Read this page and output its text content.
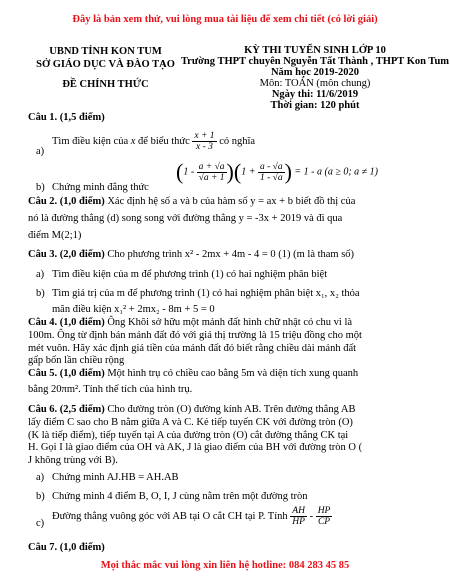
Đây là bản xem thử, vui lòng mua tài liệu để xem chi tiết (có lời giải)
UBND TỈNH KON TUM
SỞ GIÁO DỤC VÀ ĐÀO TẠO
ĐỀ CHÍNH THỨC
KỲ THI TUYỂN SINH LỚP 10
Trường THPT chuyên Nguyễn Tất Thành , THPT Kon Tum
Năm học 2019-2020
Môn: TOÁN (môn chung)
Ngày thi: 11/6/2019
Thời gian: 120 phút
Câu 1. (1,5 điểm)
a)
Tìm điều kiện của x để biểu thức $\frac{x + 1}{x - 3}$ có nghĩa
b) Chứng minh đẳng thức
$(1 - \frac{a + √a}{√a + 1} )(1 + \frac{a - √a}{1 - √a}$ ) = 1 - a (a ≥ 0; a ≠ 1)
Câu 2. (1,0 điểm) Xác định hệ số a và b của hàm số y = ax + b biết đồ thị của
nó là đường thẳng (d) song song với đường thẳng y = -3x + 2019 và đi qua
điểm M(2;1)
Câu 3. (2,0 điểm) Cho phương trình x² - 2mx + 4m - 4 = 0 (1) (m là tham số)
a) Tìm điều kiện của m để phương trình (1) có hai nghiệm phân biệt
b) Tìm giá trị của m để phương trình (1) có hai nghiệm phân biệt x₁, x₂ thỏa
mãn điều kiện x₁² + 2mx₂ - 8m + 5 = 0
Câu 4. (1,0 điểm) Ông Khôi sở hữu một mảnh đất hình chữ nhật có chu vi là
100m. Ông từ định bán mảnh đất đó với giá thị trường là 15 triệu đồng cho một
mét vuôn. Hãy xác định giá tiền của mảnh đất đó biết rằng chiều dài mảnh đất
gấp bốn lần chiều rộng
Câu 5. (1,0 điểm) Một hình trụ có chiều cao bằng 5m và diện tích xung quanh
bằng 20πm². Tính thể tích của hình trụ.
Câu 6. (2,5 điểm) Cho đường tròn (O) đường kính AB. Trên đường thẳng AB
lấy điểm C sao cho B nằm giữa A và C. Kẻ tiếp tuyến CK với đường tròn (O)
(K là tiếp điểm), tiếp tuyến tại A của đường tròn (O) cắt đường thẳng CK tại
H. Gọi I là giao điểm của OH và AK, J là giao điểm của BH với đường tròn O (
J không trùng với B).
a) Chứng minh AJ.HB = AH.AB
b) Chứng minh 4 điểm B, O, I, J cùng nằm trên một đường tròn
c)
Đường thẳng vuông góc với AB tại O cắt CH tại P. Tính $\frac{AH}{HP} - \frac{HP}{CP}$
Câu 7. (1,0 điểm)
Mọi thắc mắc vui lòng xin liên hệ hotline: 084 283 45 85
